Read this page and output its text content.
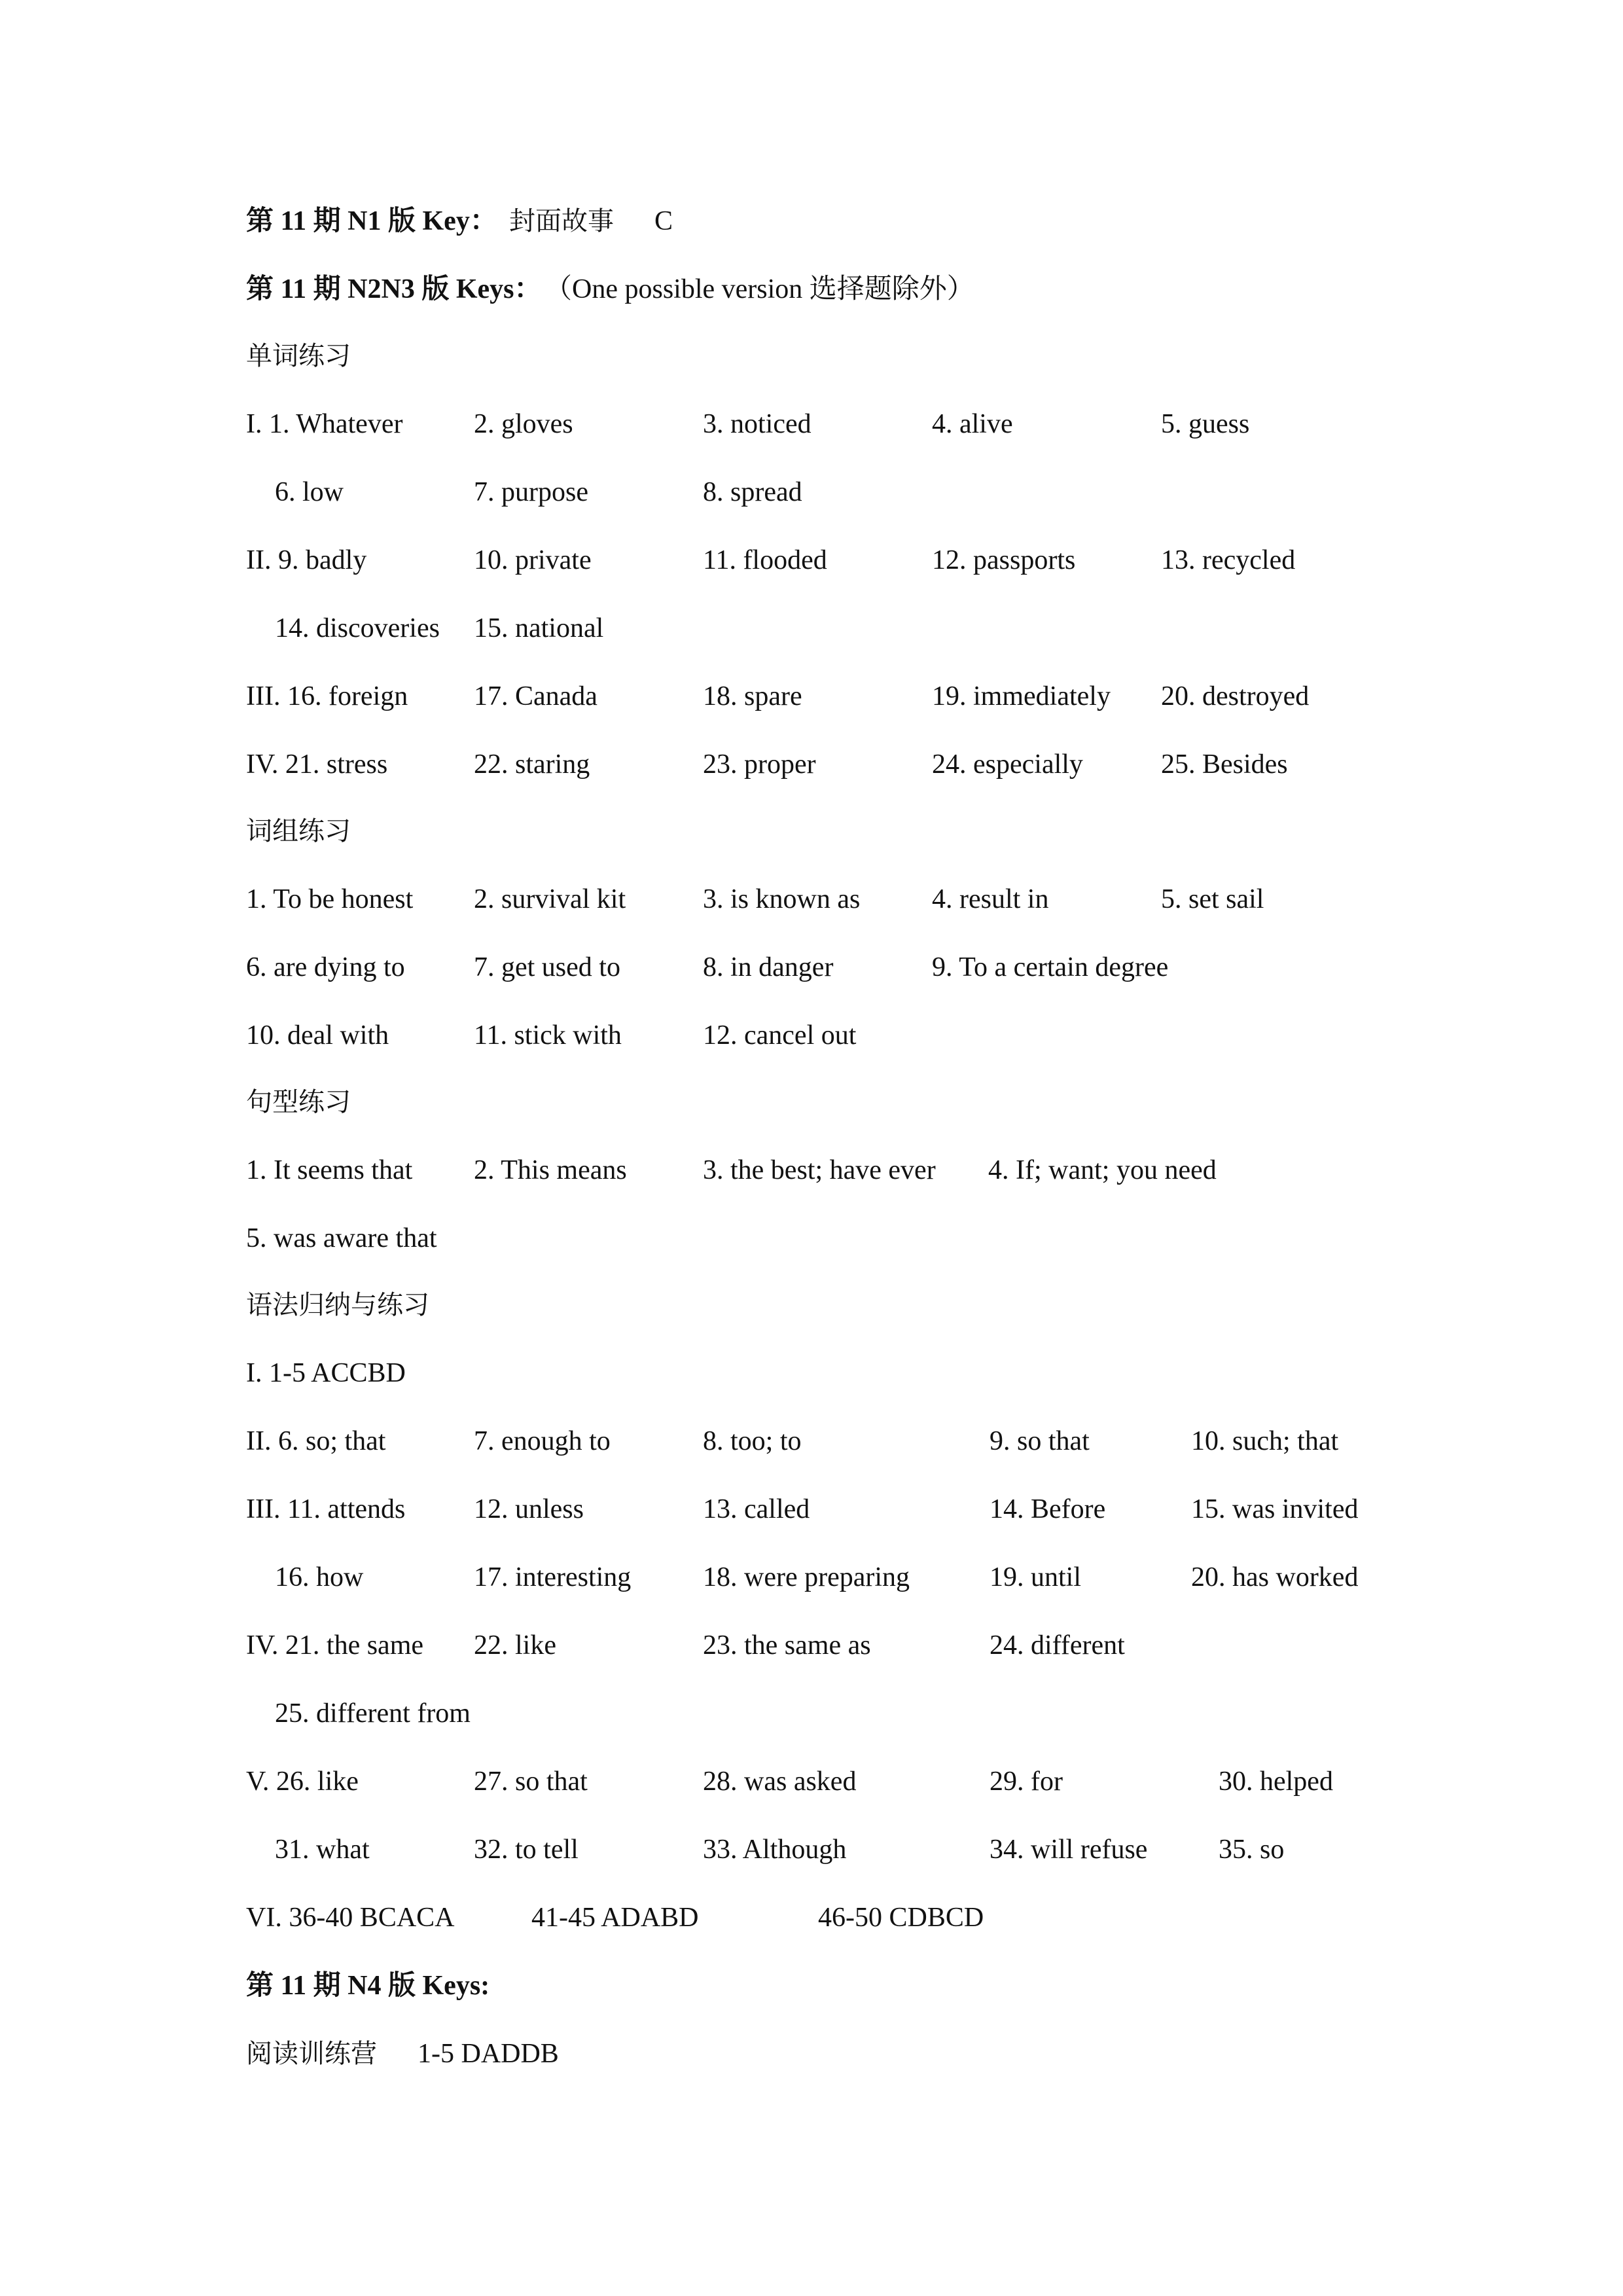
第 11 期 N1 版 Key： 封面故事 C
第 11 期 N2N3 版 Keys： （One possible version 选择题除外）
单词练习
I. 1. Whatever	2. gloves	3. noticed	4. alive	5. guess
6. low	7. purpose	8. spread
II. 9. badly	10. private	11. flooded	12. passports	13. recycled
14. discoveries 15. national
III. 16. foreign 17. Canada	18. spare	19. immediately 20. destroyed
IV. 21. stress	22. staring	23. proper	24. especially	25. Besides
词组练习
1. To be honest 2. survival kit	3. is known as	4. result in	5. set sail
6. are dying to	7. get used to	8. in danger	9. To a certain degree
10. deal with	11. stick with	12. cancel out
句型练习
1. It seems that 2. This means	3. the best; have ever 4. If; want; you need
5. was aware that
语法归纳与练习
I. 1-5 ACCBD
II. 6. so; that	7. enough to	8. too; to	9. so that	10. such; that
III. 11. attends 12. unless	13. called	14. Before	15. was invited
16. how	17. interesting	18. were preparing	19. until	20. has worked
IV. 21. the same 22. like	23. the same as	24. different
25. different from
V. 26. like	27. so that	28. was asked	29. for	30. helped
31. what	32. to tell	33. Although	34. will refuse	35. so
VI. 36-40 BCACA	41-45 ADABD	46-50 CDBCD
第 11 期 N4 版 Keys:
阅读训练营 1-5 DADDB
